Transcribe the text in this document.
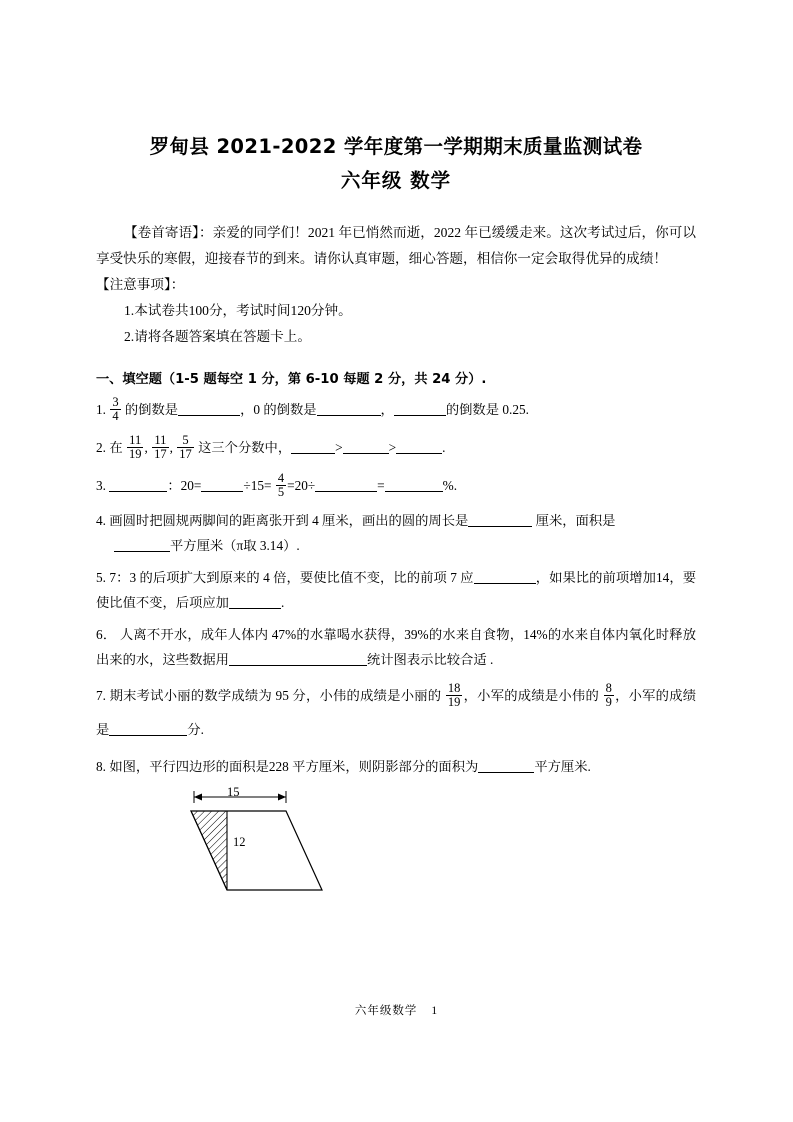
罗甸县 2021-2022 学年度第一学期期末质量监测试卷
六年级 数学
【卷首寄语】：亲爱的同学们！2021 年已悄然而逝，2022 年已缓缓走来。这次考试过后，你可以享受快乐的寒假，迎接春节的到来。请你认真审题，细心答题，相信你一定会取得优异的成绩！
【注意事项】：
1.本试卷共100分，考试时间120分钟。
2.请将各题答案填在答题卡上。
一、填空题（1-5 题每空 1 分，第 6-10 每题 2 分，共 24 分）.
1. $\frac{3}{4}$ 的倒数是	，0 的倒数是	，	的倒数是 0.25.
2. 在 $\frac{11}{19}$ , $\frac{11}{17}$ , $\frac{5}{17}$ 这三个分数中，	>	>	.
3.	：20=	$\div 15= \frac{4}{5} =20\div$	=	%.
4. 画圆时把圆规两脚间的距离张开到 4 厘米，画出的圆的周长是	厘米，面积是
平方厘米（π取 3.14）.
5. 7：3 的后项扩大到原来的 4 倍，要使比值不变，比的前项 7 应	，如果比的前项增加14，要使比值不变，后项应加	.
6． 人离不开水，成年人体内 47%的水靠喝水获得，39%的水来自食物，14%的水来自体内氧化时释放出来的水，这些数据用	统计图表示比较合适 .
7. 期末考试小丽的数学成绩为 95 分，小伟的成绩是小丽的 $\frac{18}{19}$ ，小军的成绩是小伟的 $\frac{8}{9}$ ，小军的成绩是	分.
8. 如图，平行四边形的面积是228 平方厘米，则阴影部分的面积为	平方厘米.
15
12
六年级数学 1
